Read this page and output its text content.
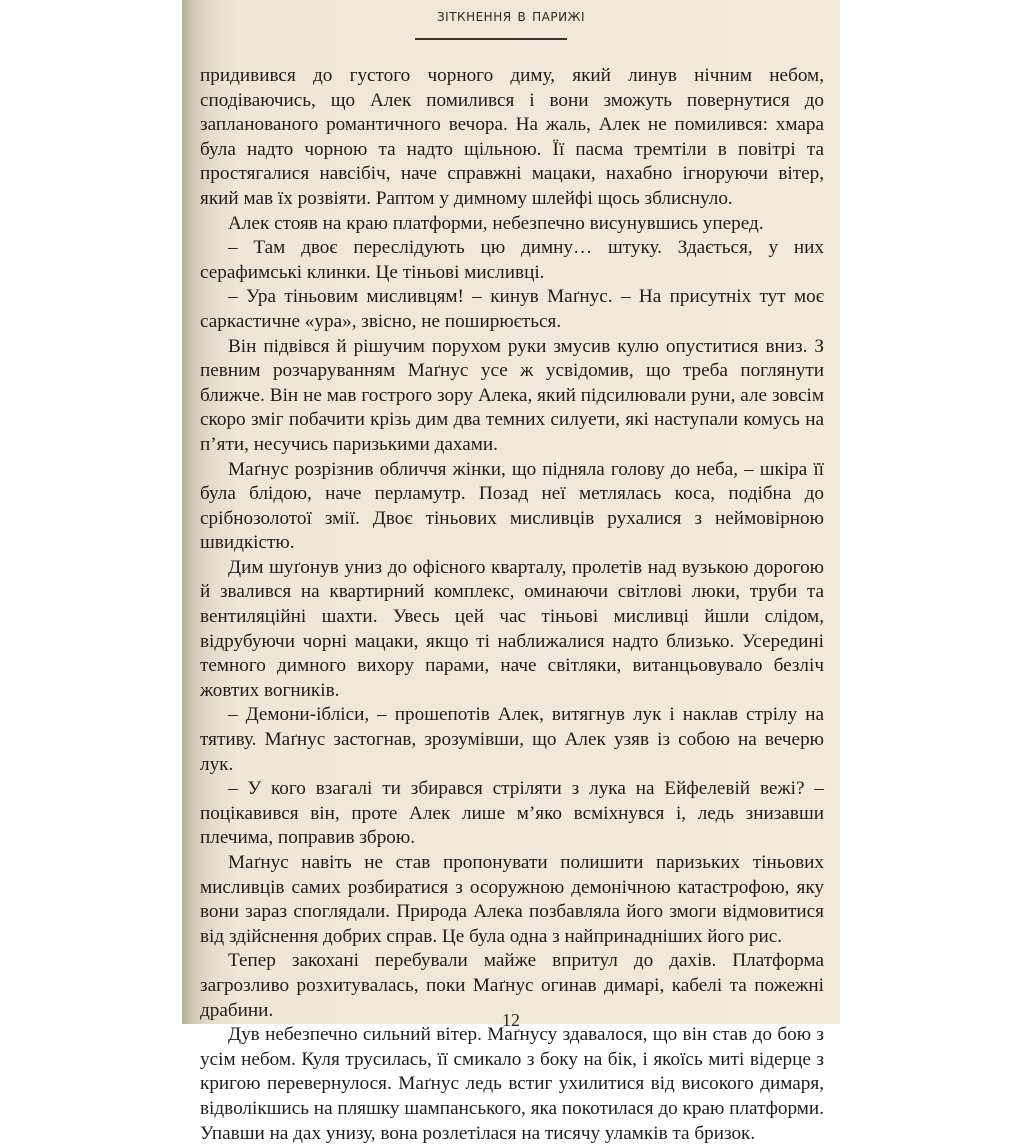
зіткнення в парижі

придивився до густого чорного диму, який линув нічним небом, сподіваючись, що Алек помилився і вони зможуть повернутися до запланованого романтичного вечора. На жаль, Алек не помилився: хмара була надто чорною та надто щільною. Її пасма тремтіли в повітрі та простягалися навсібіч, наче справжні мацаки, нахабно ігноруючи вітер, який мав їх розвіяти. Раптом у димному шлейфі щось зблиснуло.

Алек стояв на краю платформи, небезпечно висунувшись уперед.

– Там двоє переслідують цю димну… штуку. Здається, у них серафимські клинки. Це тіньові мисливці.

– Ура тіньовим мисливцям! – кинув Маґнус. – На присутніх тут моє саркастичне «ура», звісно, не поширюється.

Він підвівся й рішучим порухом руки змусив кулю опуститися вниз. З певним розчаруванням Маґнус усе ж усвідомив, що треба поглянути ближче. Він не мав гострого зору Алека, який підсилювали руни, але зовсім скоро зміг побачити крізь дим два темних силуети, які наступали комусь на п’яти, несучись паризькими дахами.

Маґнус розрізнив обличчя жінки, що підняла голову до неба, – шкіра її була блідою, наче перламутр. Позад неї метлялась коса, подібна до срібнозолотої змії. Двоє тіньових мисливців рухалися з неймовірною швидкістю.

Дим шуґонув униз до офісного кварталу, пролетів над вузькою дорогою й звалився на квартирний комплекс, оминаючи світлові люки, труби та вентиляційні шахти. Увесь цей час тіньові мисливці йшли слідом, відрубуючи чорні мацаки, якщо ті наближалися надто близько. Усередині темного димного вихору парами, наче світляки, витанцьовувало безліч жовтих вогників.

– Демони-ібліси, – прошепотів Алек, витягнув лук і наклав стрілу на тятиву. Маґнус застогнав, зрозумівши, що Алек узяв із собою на вечерю лук.

– У кого взагалі ти збирався стріляти з лука на Ейфелевій вежі? – поцікавився він, проте Алек лише м’яко всміхнувся і, ледь знизавши плечима, поправив зброю.

Маґнус навіть не став пропонувати полишити паризьких тіньових мисливців самих розбиратися з осоружною демонічною катастрофою, яку вони зараз споглядали. Природа Алека позбавляла його змоги відмовитися від здійснення добрих справ. Це була одна з найпринадніших його рис.

Тепер закохані перебували майже впритул до дахів. Платформа загрозливо розхитувалась, поки Маґнус огинав димарі, кабелі та пожежні драбини.

Дув небезпечно сильний вітер. Маґнусу здавалося, що він став до бою з усім небом. Куля трусилась, її смикало з боку на бік, і якоїсь миті відерце з кригою перевернулося. Маґнус ледь встиг ухилитися від високого димаря, відволікшись на пляшку шампанського, яка покотилася до краю платформи. Упавши на дах унизу, вона розлетілася на тисячу уламків та бризок.

12
